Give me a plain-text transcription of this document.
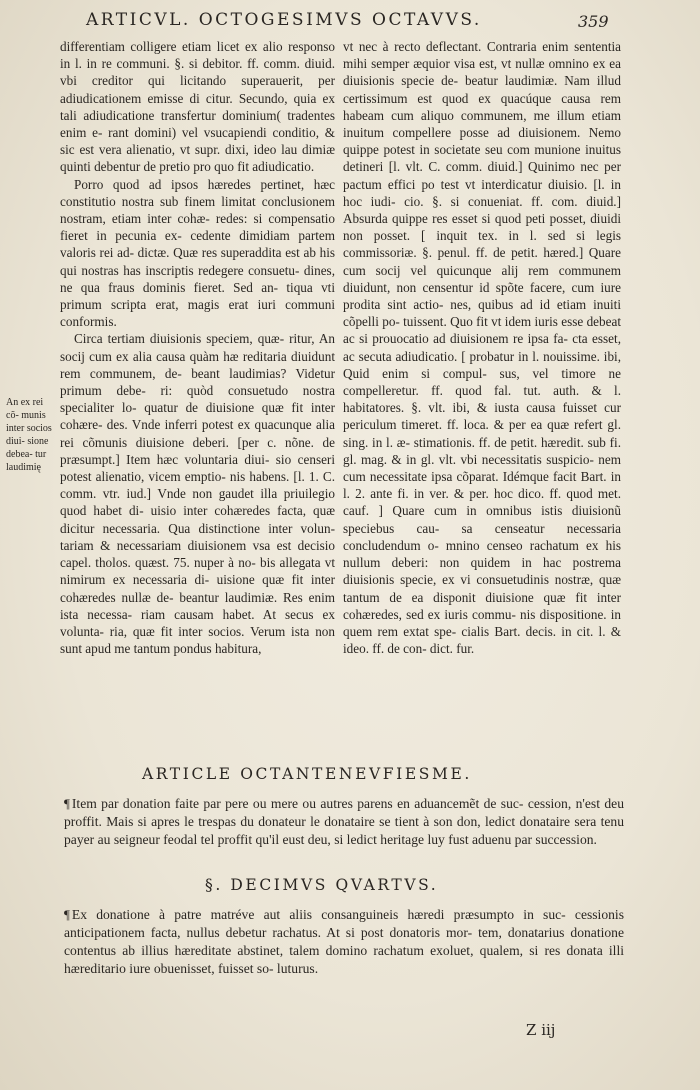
ARTICVL. OCTOGESIMVS OCTAVVS.	359

differentiam colligere etiam licet ex alio responso in l. in re communi. §. si debitor. ff. comm. diuid. vbi creditor qui licitando superauerit, per adiudicationem emisse di citur. Secundo, quia ex tali adiudicatione transfertur dominium( tradentes enim e- rant domini) vel vsucapiendi conditio, & sic est vera alienatio, vt supr. dixi, ideo lau dimiæ quinti debentur de pretio pro quo fit adiudicatio.

Porro quod ad ipsos hæredes pertinet, hæc constitutio nostra sub finem limitat conclusionem nostram, etiam inter cohæ- redes: si compensatio fieret in pecunia ex- cedente dimidiam partem valoris rei ad- dictæ. Quæ res superaddita est ab his qui nostras has inscriptis redegere consuetu- dines, ne qua fraus dominis fieret. Sed an- tiqua vti primum scripta erat, magis erat iuri communi conformis.

Circa tertiam diuisionis speciem, quæ- ritur, An socij cum ex alia causa quàm hæ reditaria diuidunt rem communem, de- beant laudimias? Videtur primum debe- ri: quòd consuetudo nostra specialiter lo- quatur de diuisione quæ fit inter cohære- des. Vnde inferri potest ex quacunque alia rei cõmunis diuisione deberi. [per c. nõne. de præsumpt.] Item hæc voluntaria diui- sio censeri potest alienatio, vicem emptio- nis habens. [l. 1. C. comm. vtr. iud.] Vnde non gaudet illa priuilegio quod habet di- uisio inter cohæredes facta, quæ dicitur necessaria. Qua distinctione inter volun- tariam & necessariam diuisionem vsa est decisio capel. tholos. quæst. 75. nuper à no- bis allegata vt nimirum ex necessaria di- uisione quæ fit inter cohæredes nullæ de- beantur laudimiæ. Res enim ista necessa- riam causam habet. At secus ex volunta- ria, quæ fit inter socios. Verum ista non sunt apud me tantum pondus habitura,

An ex rei cõ- munis inter socios diui- sione debea- tur laudimię

vt nec à recto deflectant. Contraria enim sententia mihi semper æquior visa est, vt nullæ omnino ex ea diuisionis specie de- beatur laudimiæ. Nam illud certissimum est quod ex quacúque causa rem habeam cum aliquo communem, me illum etiam inuitum compellere posse ad diuisionem. Nemo quippe potest in societate seu com munione inuitus detineri [l. vlt. C. comm. diuid.] Quinimo nec per pactum effici po test vt interdicatur diuisio. [l. in hoc iudi- cio. §. si conueniat. ff. com. diuid.] Absurda quippe res esset si quod peti posset, diuidi non posset. [ inquit tex. in l. sed si legis commissoriæ. §. penul. ff. de petit. hæred.] Quare cum socij vel quicunque alij rem communem diuidunt, non censentur id spõte facere, cum iure prodita sint actio- nes, quibus ad id etiam inuiti cõpelli po- tuissent. Quo fit vt idem iuris esse debeat ac si prouocatio ad diuisionem re ipsa fa- cta esset, ac secuta adiudicatio. [ probatur in l. nouissime. ibi, Quid enim si compul- sus, vel timore ne compelleretur. ff. quod fal. tut. auth. & l. habitatores. §. vlt. ibi, & iusta causa fuisset cur periculum timeret. ff. loca. & per ea quæ refert gl. sing. in l. æ- stimationis. ff. de petit. hæredit. sub fi. gl. mag. & in gl. vlt. vbi necessitatis suspicio- nem cum necessitate ipsa cõparat. Idémque facit Bart. in l. 2. ante fi. in ver. & per. hoc dico. ff. quod met. cauf. ] Quare cum in omnibus istis diuisionũ speciebus cau- sa censeatur necessaria concludendum o- mnino censeo rachatum ex his nullum deberi: non quidem in hac postrema diuisionis specie, ex vi consuetudinis nostræ, quæ tantum de ea disponit diuisione quæ fit inter cohæredes, sed ex iuris commu- nis dispositione. in quem rem extat spe- cialis Bart. decis. in cit. l. & ideo. ff. de con- dict. fur.

ARTICLE OCTANTENEVFIESME.
¶ Item par donation faite par pere ou mere ou autres parens en aduancemẽt de suc- cession, n'est deu proffit. Mais si apres le trespas du donateur le donataire se tient à son don, ledict donataire sera tenu payer au seigneur feodal tel proffit qu'il eust deu, si ledict heritage luy fust aduenu par succession.
§. DECIMVS QVARTVS.
¶ Ex donatione à patre matréve aut aliis consanguineis hæredi præsumpto in suc- cessionis anticipationem facta, nullus debetur rachatus. At si post donatoris mor- tem, donatarius donatione contentus ab illius hæreditate abstinet, talem domino rachatum exoluet, qualem, si res donata illi hæreditario iure obuenisset, fuisset so- luturus.
Z iij
